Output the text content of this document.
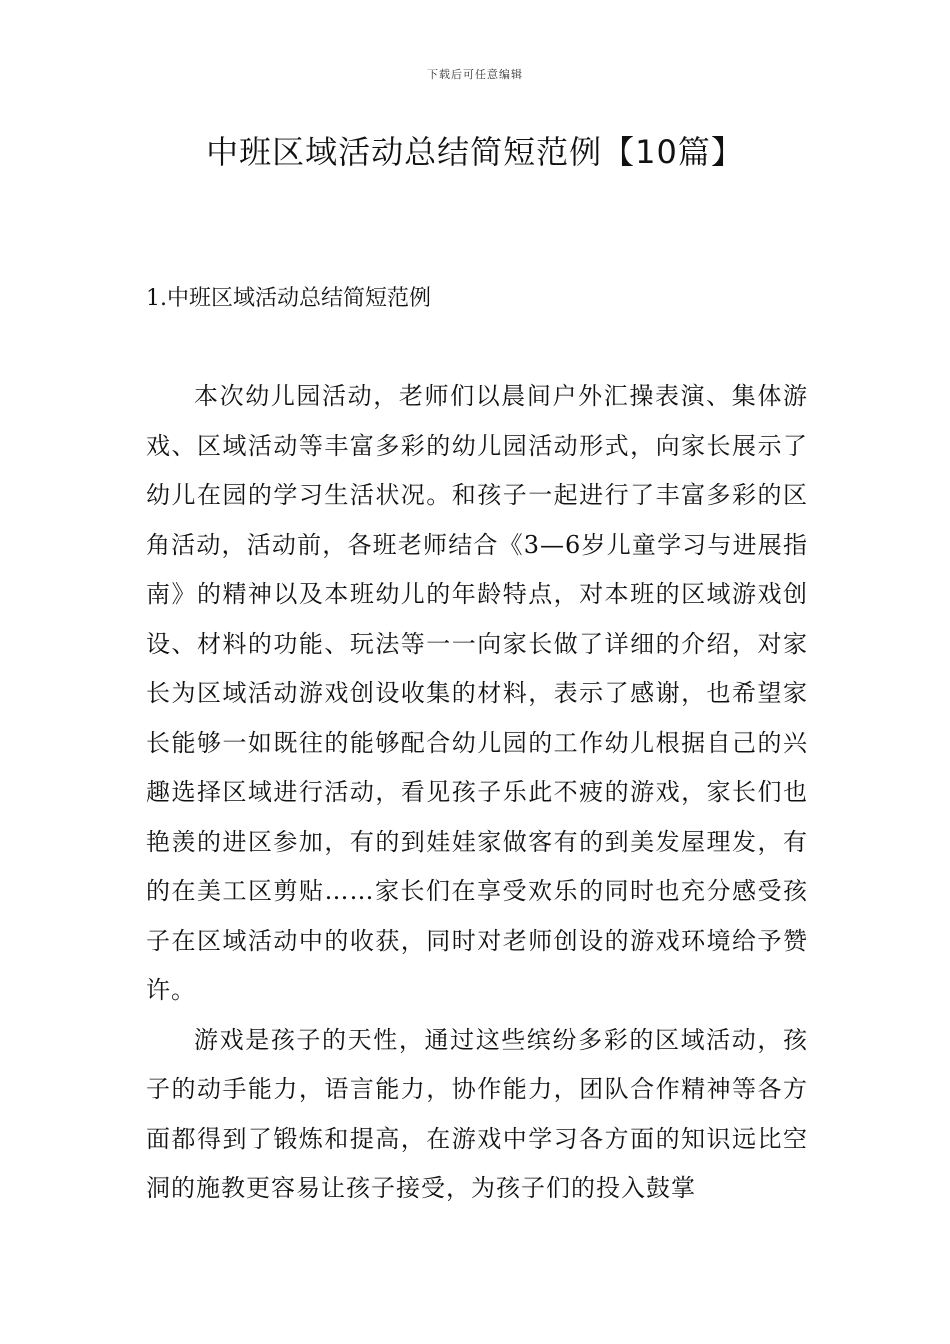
下载后可任意编辑
中班区域活动总结简短范例【10篇】
1.中班区域活动总结简短范例

本次幼儿园活动，老师们以晨间户外汇操表演、集体游戏、区域活动等丰富多彩的幼儿园活动形式，向家长展示了幼儿在园的学习生活状况。和孩子一起进行了丰富多彩的区角活动，活动前，各班老师结合《3—6岁儿童学习与进展指南》的精神以及本班幼儿的年龄特点，对本班的区域游戏创设、材料的功能、玩法等一一向家长做了详细的介绍，对家长为区域活动游戏创设收集的材料，表示了感谢，也希望家长能够一如既往的能够配合幼儿园的工作幼儿根据自己的兴趣选择区域进行活动，看见孩子乐此不疲的游戏，家长们也艳羡的进区参加，有的到娃娃家做客有的到美发屋理发，有的在美工区剪贴……家长们在享受欢乐的同时也充分感受孩子在区域活动中的收获，同时对老师创设的游戏环境给予赞许。

游戏是孩子的天性，通过这些缤纷多彩的区域活动，孩子的动手能力，语言能力，协作能力，团队合作精神等各方面都得到了锻炼和提高，在游戏中学习各方面的知识远比空洞的施教更容易让孩子接受，为孩子们的投入鼓掌
